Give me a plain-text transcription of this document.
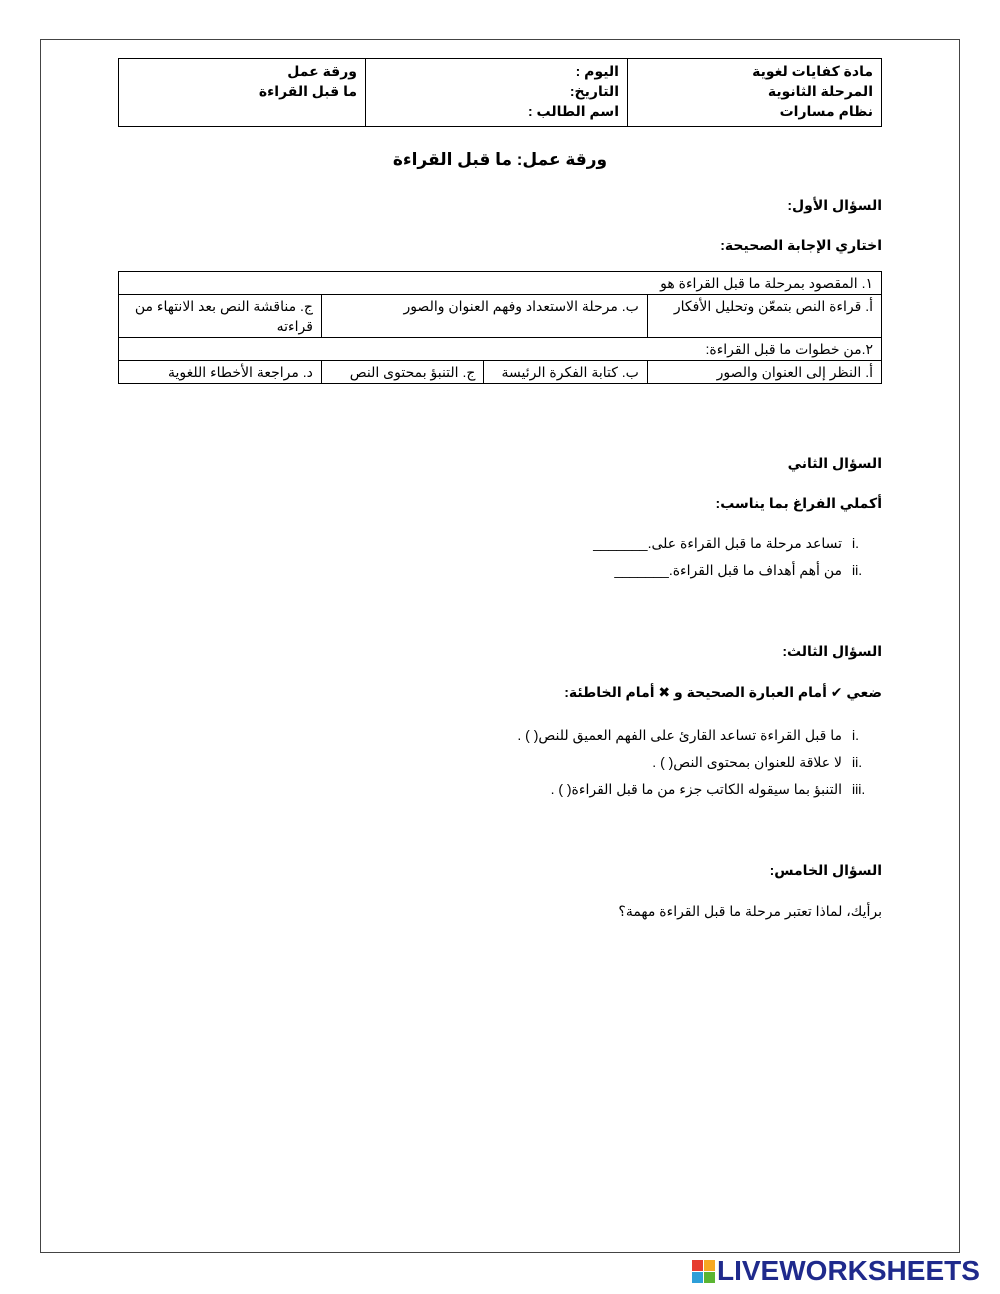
مادة كفايات لغوية
المرحلة الثانوية
نظام مسارات

اليوم :
التاريخ:
اسم الطالب :

ورقة عمل
ما قبل القراءة
ورقة عمل: ما قبل القراءة
السؤال الأول:
اختاري الإجابة الصحيحة:
١. المقصود بمرحلة ما قبل القراءة هو			
أ. قراءة النص بتمعّن وتحليل الأفكار	ب. مرحلة الاستعداد وفهم العنوان والصور		ج. مناقشة النص بعد الانتهاء من قراءته
٢.من خطوات ما قبل القراءة:			
أ. النظر إلى العنوان والصور	ب. كتابة الفكرة الرئيسة	ج. التنبؤ بمحتوى النص	د. مراجعة الأخطاء اللغوية
السؤال الثاني
أكملي الفراغ بما يناسب:
i.
تساعد مرحلة ما قبل القراءة على._______
ii.
من أهم أهداف ما قبل القراءة._______
السؤال الثالث:
ضعي ✔ أمام العبارة الصحيحة و ✖ أمام الخاطئة:
i.
ما قبل القراءة تساعد القارئ على الفهم العميق للنص( ) .
ii.
لا علاقة للعنوان بمحتوى النص( ) .
iii.
التنبؤ بما سيقوله الكاتب جزء من ما قبل القراءة( ) .
السؤال الخامس:
برأيك، لماذا تعتبر مرحلة ما قبل القراءة مهمة؟
LIVEWORKSHEETS
